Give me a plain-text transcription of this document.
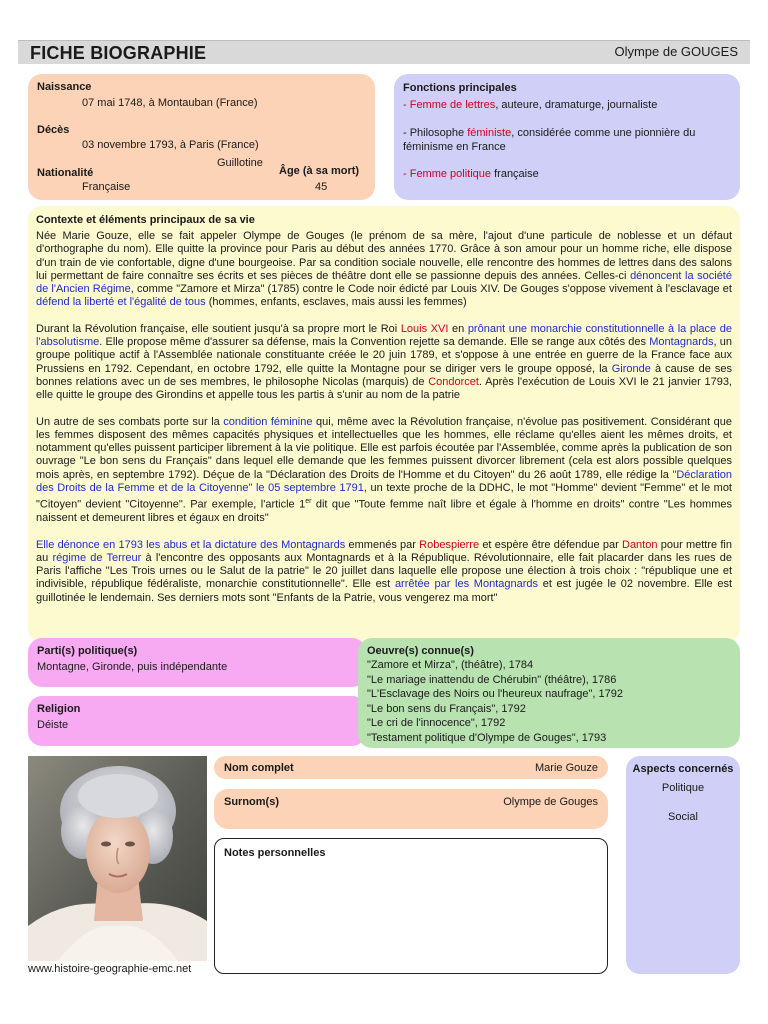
FICHE BIOGRAPHIE	Olympe de GOUGES
Naissance
07 mai 1748, à Montauban (France)
Décès
03 novembre 1793, à Paris (France)
Guillotine
Nationalité
Française
Âge (à sa mort)
45
Fonctions principales
- Femme de lettres, auteure, dramaturge, journaliste
- Philosophe féministe, considérée comme une pionnière du féminisme en France
- Femme politique française
Contexte et éléments principaux de sa vie

Née Marie Gouze, elle se fait appeler Olympe de Gouges (le prénom de sa mère, l'ajout d'une particule de noblesse et un défaut d'orthographe du nom). Elle quitte la province pour Paris au début des années 1770. Grâce à son amour pour un homme riche, elle dispose d'un train de vie confortable, digne d'une bourgeoise. Par sa condition sociale nouvelle, elle rencontre des hommes de lettres dans des salons lui permettant de faire connaître ses écrits et ses pièces de théâtre dont elle se passionne depuis des années. Celles-ci dénoncent la société de l'Ancien Régime, comme "Zamore et Mirza" (1785) contre le Code noir édicté par Louis XIV. De Gouges s'oppose vivement à l'esclavage et défend la liberté et l'égalité de tous (hommes, enfants, esclaves, mais aussi les femmes)

Durant la Révolution française, elle soutient jusqu'à sa propre mort le Roi Louis XVI en prônant une monarchie constitutionnelle à la place de l'absolutisme. Elle propose même d'assurer sa défense, mais la Convention rejette sa demande. Elle se range aux côtés des Montagnards, un groupe politique actif à l'Assemblée nationale constituante créée le 20 juin 1789, et s'oppose à une entrée en guerre de la France face aux Prussiens en 1792. Cependant, en octobre 1792, elle quitte la Montagne pour se diriger vers le groupe opposé, la Gironde à cause de ses bonnes relations avec un de ses membres, le philosophe Nicolas (marquis) de Condorcet. Après l'exécution de Louis XVI le 21 janvier 1793, elle quitte le groupe des Girondins et appelle tous les partis à s'unir au nom de la patrie

Un autre de ses combats porte sur la condition féminine qui, même avec la Révolution française, n'évolue pas positivement. Considérant que les femmes disposent des mêmes capacités physiques et intellectuelles que les hommes, elle réclame qu'elles aient les mêmes droits, et notamment qu'elles puissent participer librement à la vie politique. Elle est parfois écoutée par l'Assemblée, comme après la publication de son ouvrage "Le bon sens du Français" dans lequel elle demande que les femmes puissent divorcer librement (cela est alors possible quelques mois après, en septembre 1792). Déçue de la "Déclaration des Droits de l'Homme et du Citoyen" du 26 août 1789, elle rédige la "Déclaration des Droits de la Femme et de la Citoyenne" le 05 septembre 1791, un texte proche de la DDHC, le mot "Homme" devient "Femme" et le mot "Citoyen" devient "Citoyenne". Par exemple, l'article 1er dit que "Toute femme naît libre et égale à l'homme en droits" contre "Les hommes naissent et demeurent libres et égaux en droits"

Elle dénonce en 1793 les abus et la dictature des Montagnards emmenés par Robespierre et espère être défendue par Danton pour mettre fin au régime de Terreur à l'encontre des opposants aux Montagnards et à la République. Révolutionnaire, elle fait placarder dans les rues de Paris l'affiche "Les Trois urnes ou le Salut de la patrie" le 20 juillet dans laquelle elle propose une élection à trois choix : "république une et indivisible, république fédéraliste, monarchie constitutionnelle". Elle est arrêtée par les Montagnards et est jugée le 02 novembre. Elle est guillotinée le lendemain. Ses derniers mots sont "Enfants de la Patrie, vous vengerez ma mort"

Parti(s) politique(s)
Montagne, Gironde, puis indépendante
Religion
Déiste
Oeuvre(s) connue(s)
"Zamore et Mirza", (théâtre), 1784
"Le mariage inattendu de Chérubin" (théâtre), 1786
"L'Esclavage des Noirs ou l'heureux naufrage", 1792
"Le bon sens du Français", 1792
"Le cri de l'innocence", 1792
"Testament politique d'Olympe de Gouges", 1793
Nom complet	Marie Gouze
Surnom(s)	Olympe de Gouges
Notes personnelles
Aspects concernés
Politique
Social
www.histoire-geographie-emc.net
